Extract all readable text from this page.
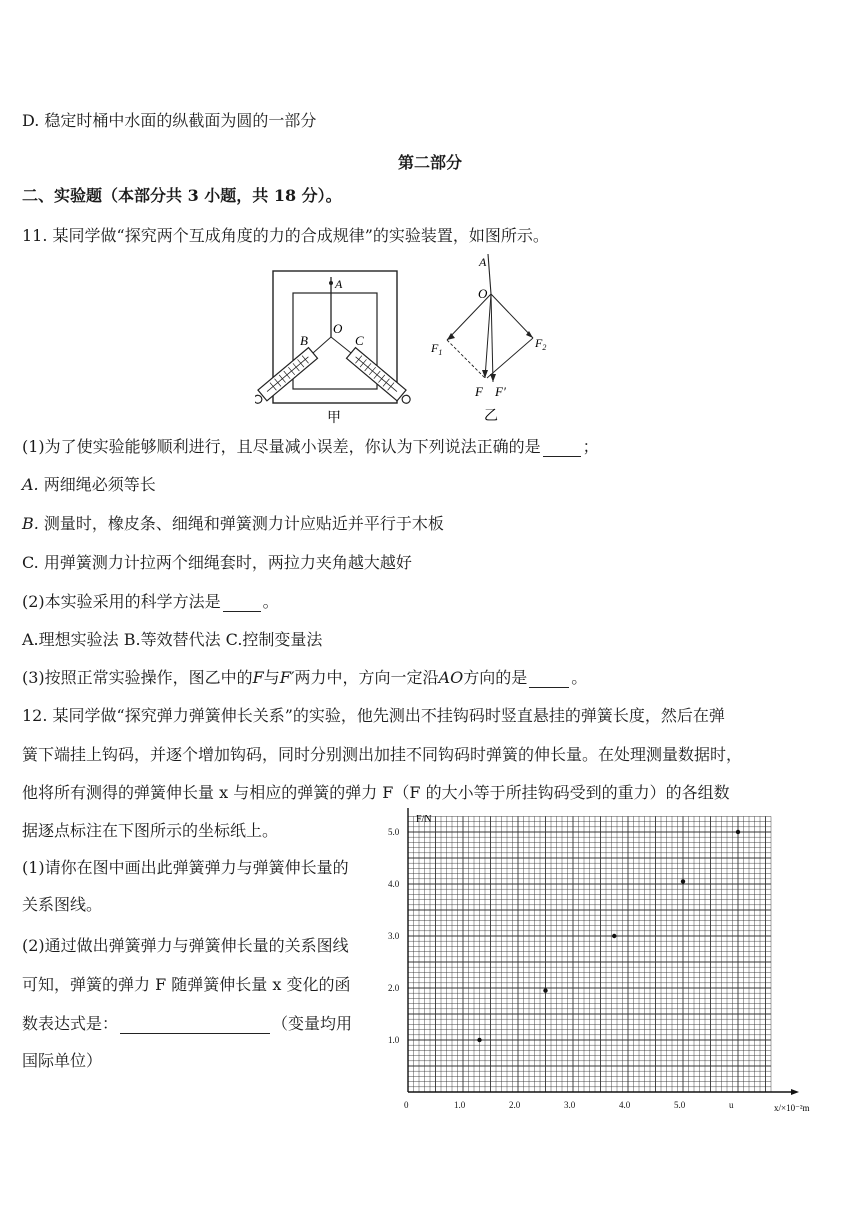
D. 稳定时桶中水面的纵截面为圆的一部分
第二部分
二、实验题（本部分共 3 小题，共 18 分）。
11. 某同学做“探究两个互成角度的力的合成规律”的实验装置，如图所示。
A
B
O
C
甲
A
O
$F_1$
$F_2$
F F′
乙
(1)为了使实验能够顺利进行，且尽量减小误差，你认为下列说法正确的是	；
A. 两细绳必须等长
B. 测量时，橡皮条、细绳和弹簧测力计应贴近并平行于木板
C. 用弹簧测力计拉两个细绳套时，两拉力夹角越大越好
(2)本实验采用的科学方法是	。
A.理想实验法 B.等效替代法 C.控制变量法
(3)按照正常实验操作，图乙中的F与F′两力中，方向一定沿AO方向的是	。
12. 某同学做“探究弹力弹簧伸长关系”的实验，他先测出不挂钩码时竖直悬挂的弹簧长度，然后在弹
簧下端挂上钩码，并逐个增加钩码，同时分别测出加挂不同钩码时弹簧的伸长量。在处理测量数据时，
他将所有测得的弹簧伸长量 x 与相应的弹簧的弹力 F（F 的大小等于所挂钩码受到的重力）的各组数
据逐点标注在下图所示的坐标纸上。
(1)请你在图中画出此弹簧弹力与弹簧伸长量的
关系图线。
(2)通过做出弹簧弹力与弹簧伸长量的关系图线
可知，弹簧的弹力 F 随弹簧伸长量 x 变化的函
数表达式是：	（变量均用
国际单位）
0	1.0	2.0	3.0	4.0	5.0	u
1.0
2.0
3.0
4.0
5.0
F/N
x/×10⁻²m
